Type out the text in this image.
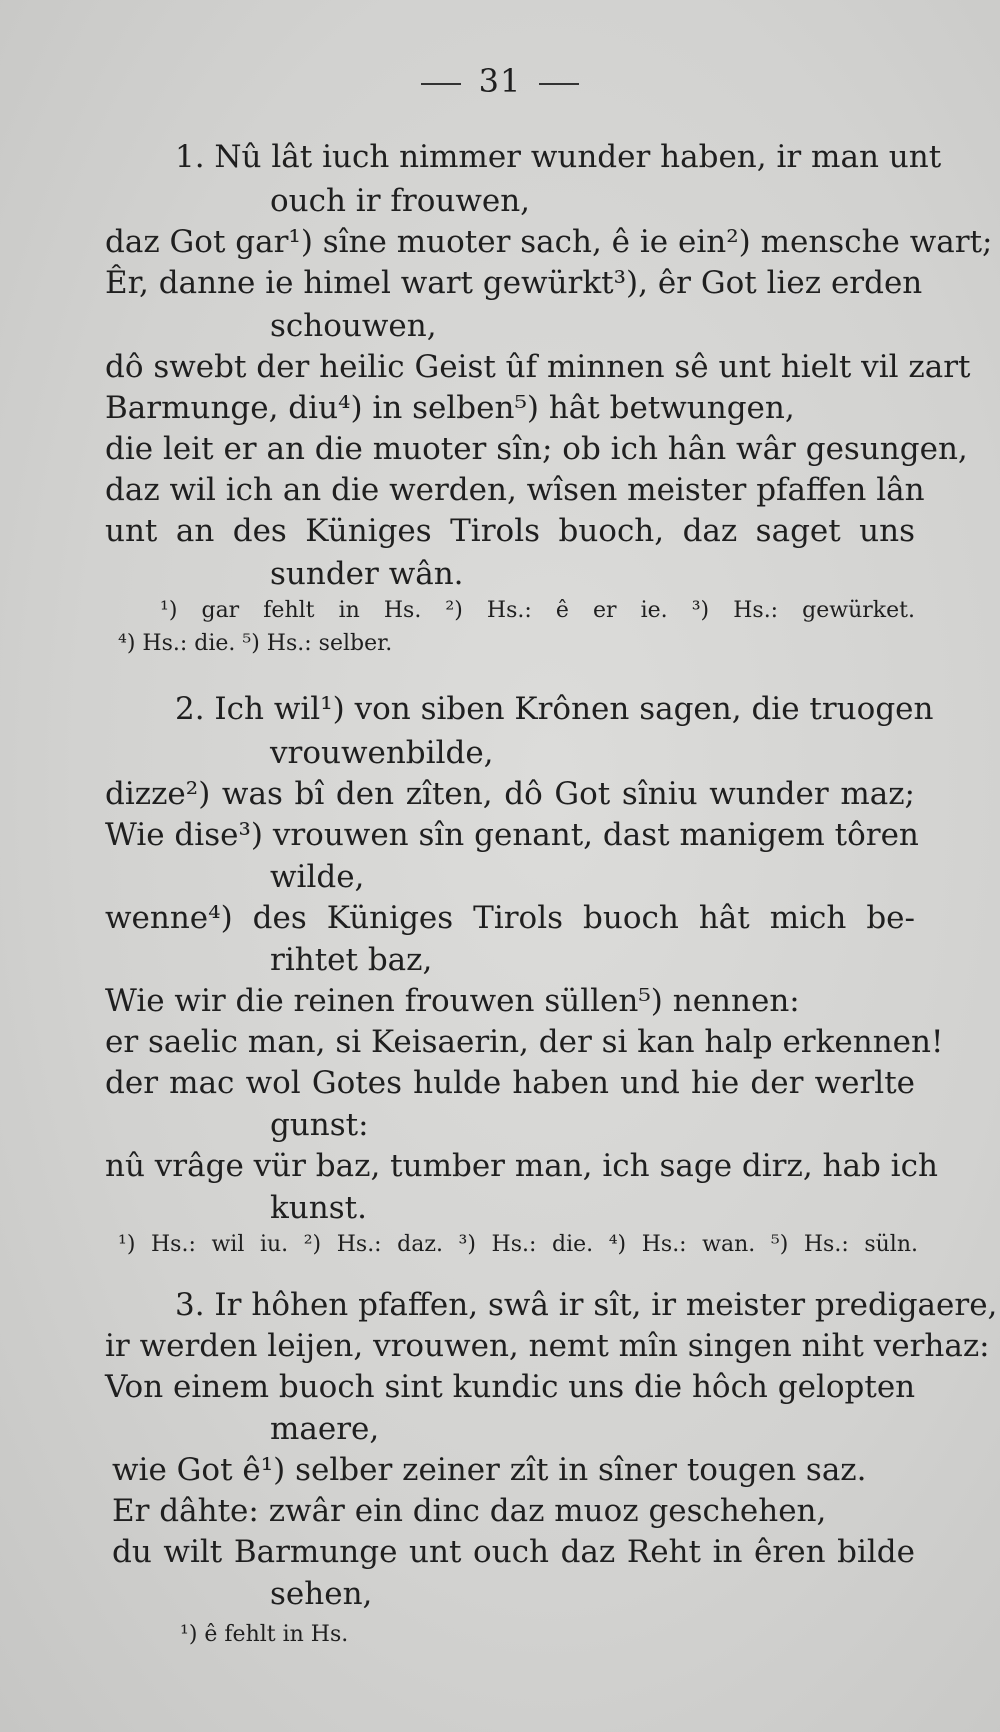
31
1. Nû lât iuch nimmer wunder haben, ir man unt
ouch ir frouwen,
daz Got gar¹) sîne muoter sach, ê ie ein²) mensche wart;
Êr, danne ie himel wart gewürkt³), êr Got liez erden
schouwen,
dô swebt der heilic Geist ûf minnen sê unt hielt vil zart
Barmunge, diu⁴) in selben⁵) hât betwungen,
die leit er an die muoter sîn; ob ich hân wâr gesungen,
daz wil ich an die werden, wîsen meister pfaffen lân
unt an des Küniges Tirols buoch, daz saget uns
sunder wân.
¹) gar fehlt in Hs. ²) Hs.: ê er ie. ³) Hs.: gewürket.
⁴) Hs.: die. ⁵) Hs.: selber.
2. Ich wil¹) von siben Krônen sagen, die truogen
vrouwenbilde,
dizze²) was bî den zîten, dô Got sîniu wunder maz;
Wie dise³) vrouwen sîn genant, dast manigem tôren
wilde,
wenne⁴) des Küniges Tirols buoch hât mich be-
rihtet baz,
Wie wir die reinen frouwen süllen⁵) nennen:
er saelic man, si Keisaerin, der si kan halp erkennen!
der mac wol Gotes hulde haben und hie der werlte
gunst:
nû vrâge vür baz, tumber man, ich sage dirz, hab ich
kunst.
¹) Hs.: wil iu. ²) Hs.: daz. ³) Hs.: die. ⁴) Hs.: wan. ⁵) Hs.: süln.
3. Ir hôhen pfaffen, swâ ir sît, ir meister predigaere,
ir werden leijen, vrouwen, nemt mîn singen niht verhaz:
Von einem buoch sint kundic uns die hôch gelopten
maere,
wie Got ê¹) selber zeiner zît in sîner tougen saz.
Er dâhte: zwâr ein dinc daz muoz geschehen,
du wilt Barmunge unt ouch daz Reht in êren bilde
sehen,
¹) ê fehlt in Hs.
